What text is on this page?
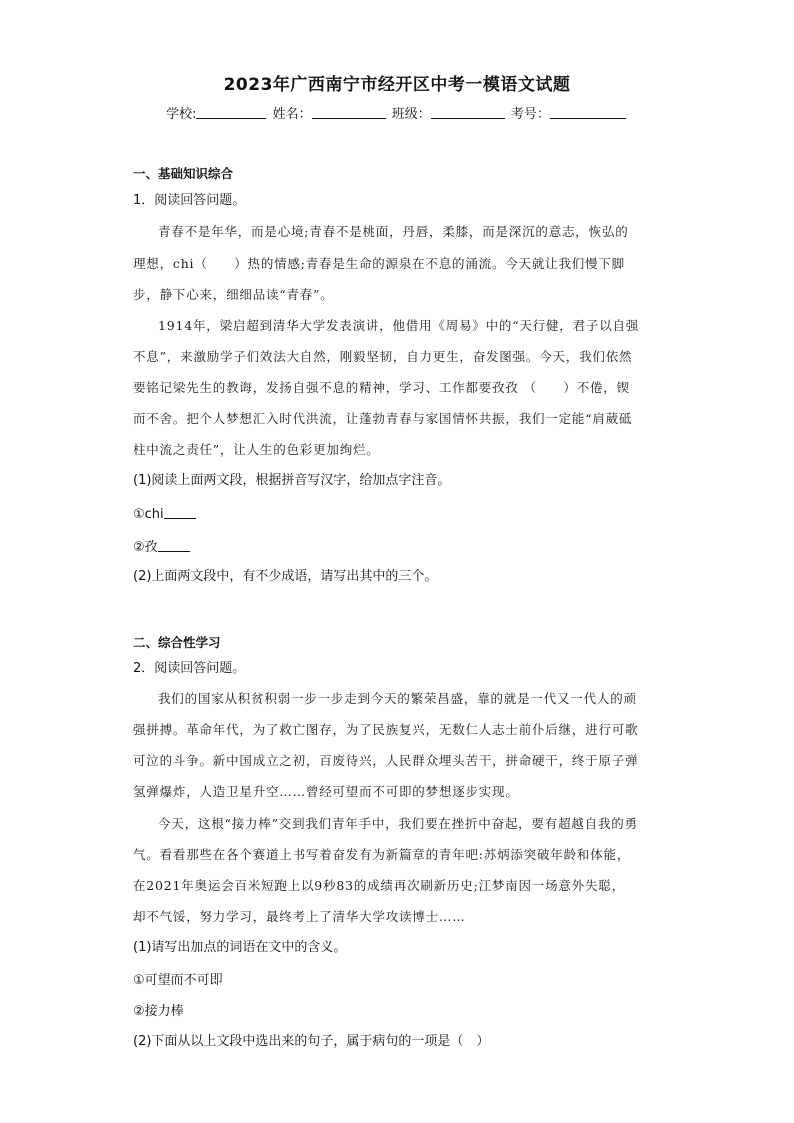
2023年广西南宁市经开区中考一模语文试题
学校:	姓名：	班级：	考号：
一、基础知识综合
1．阅读回答问题。
青春不是年华，而是心境;青春不是桃面，丹唇，柔膝，而是深沉的意志，恢弘的
理想，chi（　　）热的情感;青春是生命的源泉在不息的涌流。今天就让我们慢下脚
步，静下心来，细细品读“青春”。
1914年，梁启超到清华大学发表演讲，他借用《周易》中的“天行健，君子以自强
不息”，来激励学子们效法大自然，刚毅坚韧，自力更生，奋发图强。今天，我们依然
要铭记梁先生的教诲，发扬自强不息的精神，学习、工作都要孜孜 （　　）不倦，锲
而不舍。把个人梦想汇入时代洪流，让蓬勃青春与家国情怀共振，我们一定能“肩葳砥
柱中流之责任”，让人生的色彩更加绚烂。
(1)阅读上面两文段，根据拼音写汉字，给加点字注音。
①chi
②孜
(2)上面两文段中，有不少成语，请写出其中的三个。
二、综合性学习
2．阅读回答问题。
我们的国家从积贫积弱一步一步走到今天的繁荣昌盛，靠的就是一代又一代人的顽
强拼搏。革命年代，为了救亡图存，为了民族复兴，无数仁人志士前仆后继，进行可歌
可泣的斗争。新中国成立之初，百废待兴，人民群众埋头苦干，拼命硬干，终于原子弹
氢弹爆炸，人造卫星升空……曾经可望而不可即的梦想逐步实现。
今天，这根“接力棒”交到我们青年手中，我们要在挫折中奋起，要有超越自我的勇
气。看看那些在各个赛道上书写着奋发有为新篇章的青年吧:苏炳添突破年龄和体能，
在2021年奥运会百米短跑上以9秒83的成绩再次刷新历史;江梦南因一场意外失聪，
却不气馁，努力学习，最终考上了清华大学攻读博士……
(1)请写出加点的词语在文中的含义。
①可望而不可即
②接力棒
(2)下面从以上文段中选出来的句子，属于病句的一项是（　）
